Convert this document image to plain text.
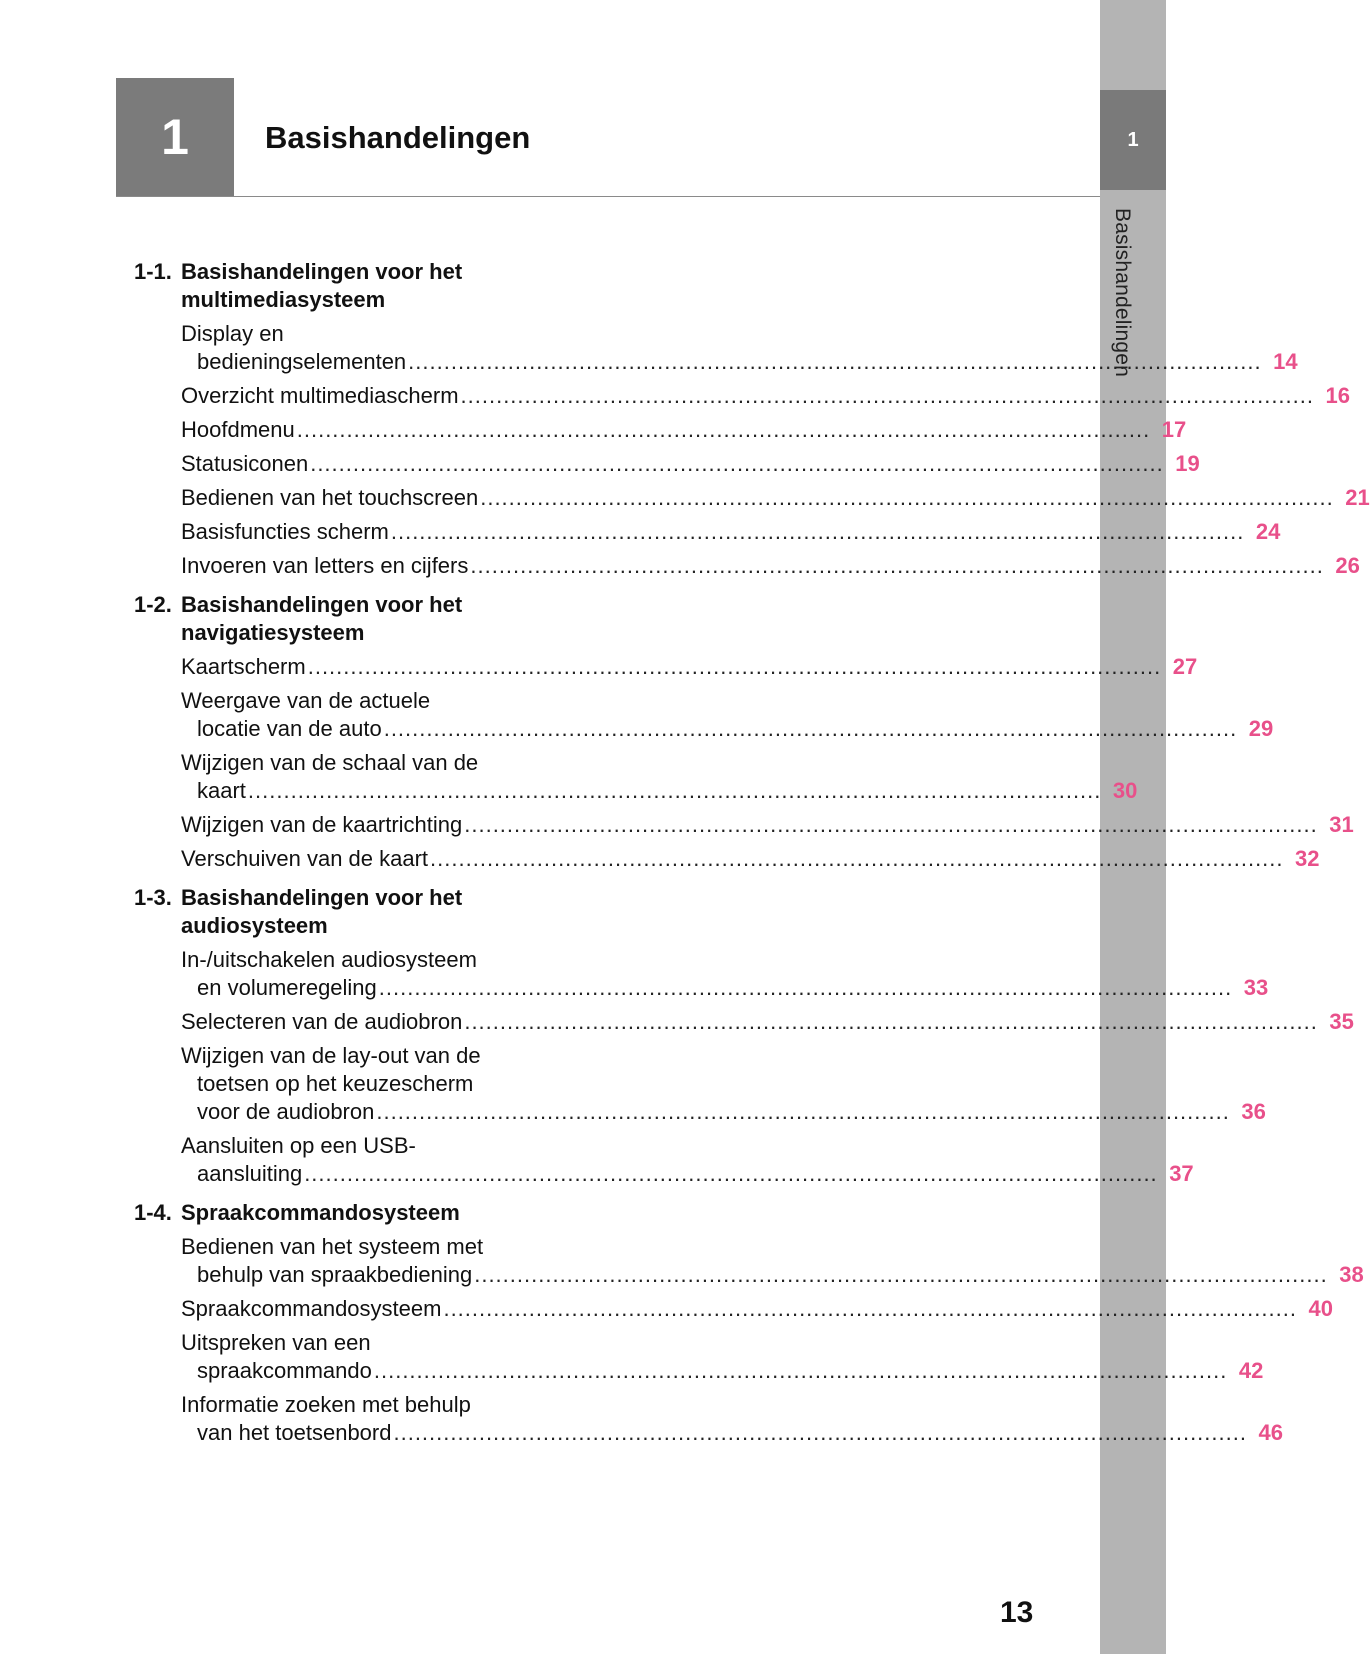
1
Basishandelingen
1	Basishandelingen
1-1. Basishandelingen voor het multimediasysteem
Display en
bedieningselementen ........................................................................................................................ 14
Overzicht multimediascherm ........................................................................................................................ 16
Hoofdmenu ........................................................................................................................ 17
Statusiconen ........................................................................................................................ 19
Bedienen van het touchscreen ........................................................................................................................ 21
Basisfuncties scherm ........................................................................................................................ 24
Invoeren van letters en cijfers ........................................................................................................................ 26
1-2. Basishandelingen voor het navigatiesysteem
Kaartscherm ........................................................................................................................ 27
Weergave van de actuele
locatie van de auto ........................................................................................................................ 29
Wijzigen van de schaal van de
kaart ........................................................................................................................ 30
Wijzigen van de kaartrichting ........................................................................................................................ 31
Verschuiven van de kaart ........................................................................................................................ 32
1-3. Basishandelingen voor het audiosysteem
In-/uitschakelen audiosysteem
en volumeregeling ........................................................................................................................ 33
Selecteren van de audiobron ........................................................................................................................ 35
Wijzigen van de lay-out van de
toetsen op het keuzescherm
voor de audiobron ........................................................................................................................ 36
Aansluiten op een USB-
aansluiting ........................................................................................................................ 37
1-4. Spraakcommandosysteem
Bedienen van het systeem met
behulp van spraakbediening ........................................................................................................................ 38
Spraakcommandosysteem ........................................................................................................................ 40
Uitspreken van een
spraakcommando ........................................................................................................................ 42
Informatie zoeken met behulp
van het toetsenbord ........................................................................................................................ 46
13
